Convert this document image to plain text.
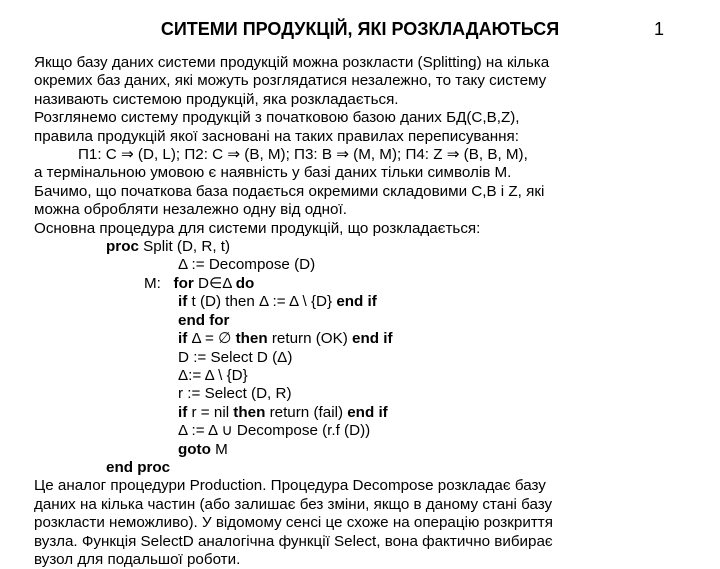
СИТЕМИ ПРОДУКЦІЙ, ЯКІ РОЗКЛАДАЮТЬСЯ	1
Якщо базу даних системи продукцій можна розкласти (Splitting) на кілька
окремих баз даних, які можуть розглядатися незалежно, то таку систему
називають системою продукцій, яка розкладається.
Розглянемо систему продукцій з початковою базою даних БД(C,B,Z),
правила продукцій якої засновані на таких правилах переписування:
П1: C ⇒ (D, L); П2: C ⇒ (B, M); П3: B ⇒ (M, M); П4: Z ⇒ (B, B, M),
а термінальною умовою є наявність у базі даних тільки символів M.
Бачимо, що початкова база подається окремими складовими C,B і Z, які
можна обробляти незалежно одну від одної.
Основна процедура для системи продукцій, що розкладається:
proc Split (D, R, t)
Δ := Decompose (D)
M: for D∈Δ do
if t (D) then Δ := Δ \ {D} end if
end for
if Δ = ∅ then return (OK) end if
D := Select D (Δ)
Δ:= Δ \ {D}
r := Select (D, R)
if r = nil then return (fail) end if
Δ := Δ ∪ Decompose (r.f (D))
goto M
end proc
Це аналог процедури Production. Процедура Decompose розкладає базу
даних на кілька частин (або залишає без зміни, якщо в даному стані базу
розкласти неможливо). У відомому сенсі це схоже на операцію розкриття
вузла. Функція SelectD аналогічна функції Select, вона фактично вибирає
вузол для подальшої роботи.
